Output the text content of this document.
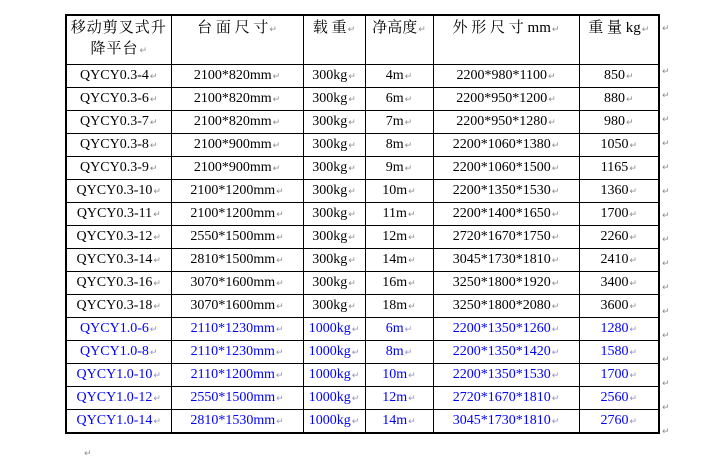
移动剪叉式升降平台↵	台 面 尺 寸↵	载 重↵	净高度↵	外 形 尺 寸 mm↵	重 量 kg↵
QYCY0.3-4↵	2100*820mm↵	300kg↵	4m↵	2200*980*1100↵	850↵
QYCY0.3-6↵	2100*820mm↵	300kg↵	6m↵	2200*950*1200↵	880↵
QYCY0.3-7↵	2100*820mm↵	300kg↵	7m↵	2200*950*1280↵	980↵
QYCY0.3-8↵	2100*900mm↵	300kg↵	8m↵	2200*1060*1380↵	1050↵
QYCY0.3-9↵	2100*900mm↵	300kg↵	9m↵	2200*1060*1500↵	1165↵
QYCY0.3-10↵	2100*1200mm↵	300kg↵	10m↵	2200*1350*1530↵	1360↵
QYCY0.3-11↵	2100*1200mm↵	300kg↵	11m↵	2200*1400*1650↵	1700↵
QYCY0.3-12↵	2550*1500mm↵	300kg↵	12m↵	2720*1670*1750↵	2260↵
QYCY0.3-14↵	2810*1500mm↵	300kg↵	14m↵	3045*1730*1810↵	2410↵
QYCY0.3-16↵	3070*1600mm↵	300kg↵	16m↵	3250*1800*1920↵	3400↵
QYCY0.3-18↵	3070*1600mm↵	300kg↵	18m↵	3250*1800*2080↵	3600↵
QYCY1.0-6↵	2110*1230mm↵	1000kg↵	6m↵	2200*1350*1260↵	1280↵
QYCY1.0-8↵	2110*1230mm↵	1000kg↵	8m↵	2200*1350*1420↵	1580↵
QYCY1.0-10↵	2110*1200mm↵	1000kg↵	10m↵	2200*1350*1530↵	1700↵
QYCY1.0-12↵	2550*1500mm↵	1000kg↵	12m↵	2720*1670*1810↵	2560↵
QYCY1.0-14↵	2810*1530mm↵	1000kg↵	14m↵	3045*1730*1810↵	2760↵
↵
↵
↵
↵
↵
↵
↵
↵
↵
↵
↵
↵
↵
↵
↵
↵
↵
↵
